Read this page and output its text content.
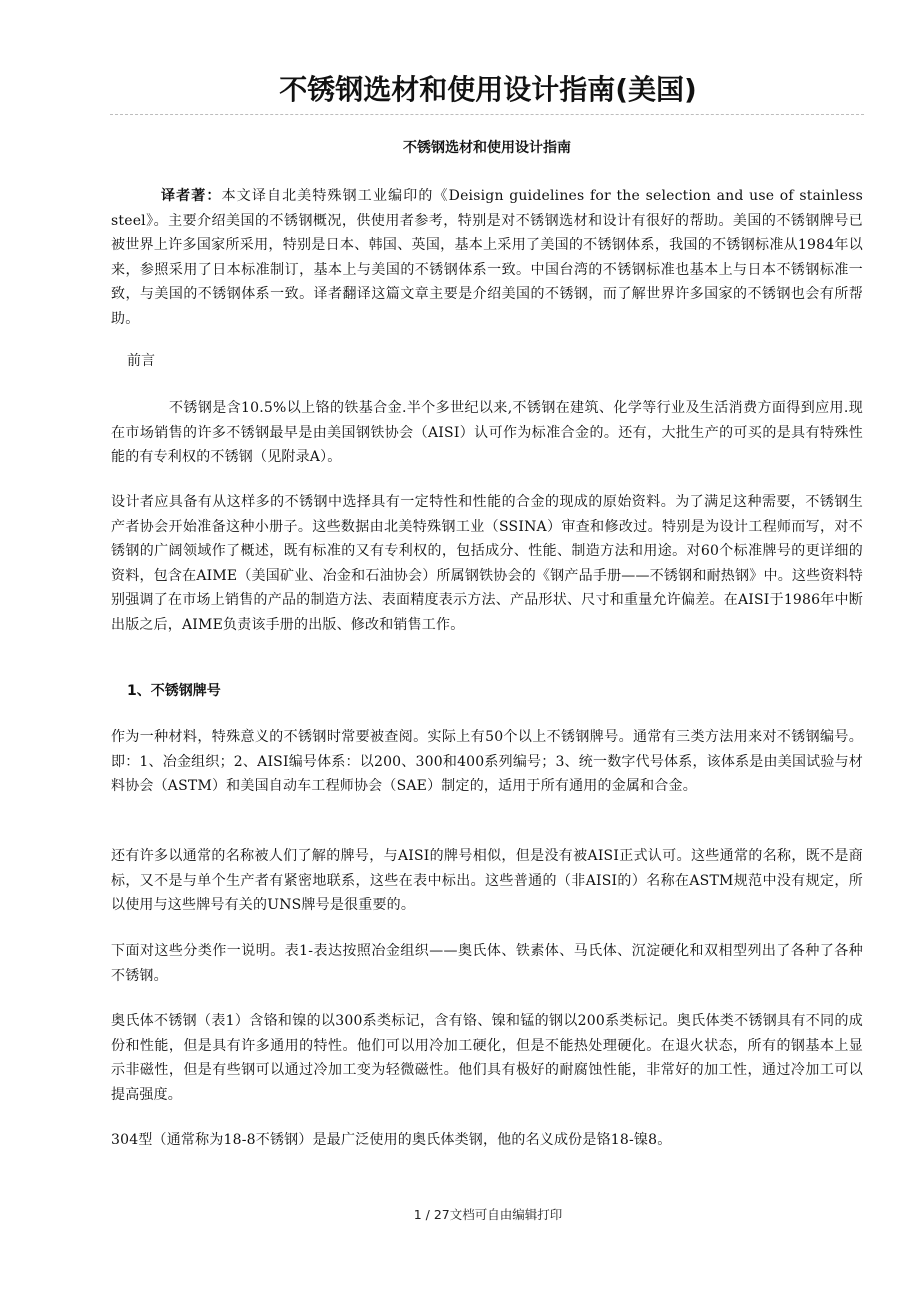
不锈钢选材和使用设计指南(美国)
不锈钢选材和使用设计指南

译者著：本文译自北美特殊钢工业编印的《Deisign guidelines for the selection and use of stainless steel》。主要介绍美国的不锈钢概况，供使用者参考，特别是对不锈钢选材和设计有很好的帮助。美国的不锈钢牌号已被世界上许多国家所采用，特别是日本、韩国、英国，基本上采用了美国的不锈钢体系，我国的不锈钢标准从1984年以来，参照采用了日本标准制订，基本上与美国的不锈钢体系一致。中国台湾的不锈钢标准也基本上与日本不锈钢标准一致，与美国的不锈钢体系一致。译者翻译这篇文章主要是介绍美国的不锈钢，而了解世界许多国家的不锈钢也会有所帮助。

前言

不锈钢是含10.5%以上铬的铁基合金.半个多世纪以来,不锈钢在建筑、化学等行业及生活消费方面得到应用.现在市场销售的许多不锈钢最早是由美国钢铁协会（AISI）认可作为标准合金的。还有，大批生产的可买的是具有特殊性能的有专利权的不锈钢（见附录A）。

设计者应具备有从这样多的不锈钢中选择具有一定特性和性能的合金的现成的原始资料。为了满足这种需要，不锈钢生产者协会开始准备这种小册子。这些数据由北美特殊钢工业（SSINA）审查和修改过。特别是为设计工程师而写，对不锈钢的广阔领域作了概述，既有标准的又有专利权的，包括成分、性能、制造方法和用途。对60个标准牌号的更详细的资料，包含在AIME（美国矿业、冶金和石油协会）所属钢铁协会的《钢产品手册——不锈钢和耐热钢》中。这些资料特别强调了在市场上销售的产品的制造方法、表面精度表示方法、产品形状、尺寸和重量允许偏差。在AISI于1986年中断出版之后，AIME负责该手册的出版、修改和销售工作。

1、不锈钢牌号

作为一种材料，特殊意义的不锈钢时常要被查阅。实际上有50个以上不锈钢牌号。通常有三类方法用来对不锈钢编号。即：1、冶金组织；2、AISI编号体系：以200、300和400系列编号；3、统一数字代号体系，该体系是由美国试验与材料协会（ASTM）和美国自动车工程师协会（SAE）制定的，适用于所有通用的金属和合金。

还有许多以通常的名称被人们了解的牌号，与AISI的牌号相似，但是没有被AISI正式认可。这些通常的名称，既不是商标，又不是与单个生产者有紧密地联系，这些在表中标出。这些普通的（非AISI的）名称在ASTM规范中没有规定，所以使用与这些牌号有关的UNS牌号是很重要的。

下面对这些分类作一说明。表1-表达按照冶金组织——奥氏体、铁素体、马氏体、沉淀硬化和双相型列出了各种了各种不锈钢。

奥氏体不锈钢（表1）含铬和镍的以300系类标记，含有铬、镍和锰的钢以200系类标记。奥氏体类不锈钢具有不同的成份和性能，但是具有许多通用的特性。他们可以用冷加工硬化，但是不能热处理硬化。在退火状态，所有的钢基本上显示非磁性，但是有些钢可以通过冷加工变为轻微磁性。他们具有极好的耐腐蚀性能，非常好的加工性，通过冷加工可以提高强度。

304型（通常称为18-8不锈钢）是最广泛使用的奥氏体类钢，他的名义成份是铬18-镍8。

1 / 27文档可自由编辑打印
